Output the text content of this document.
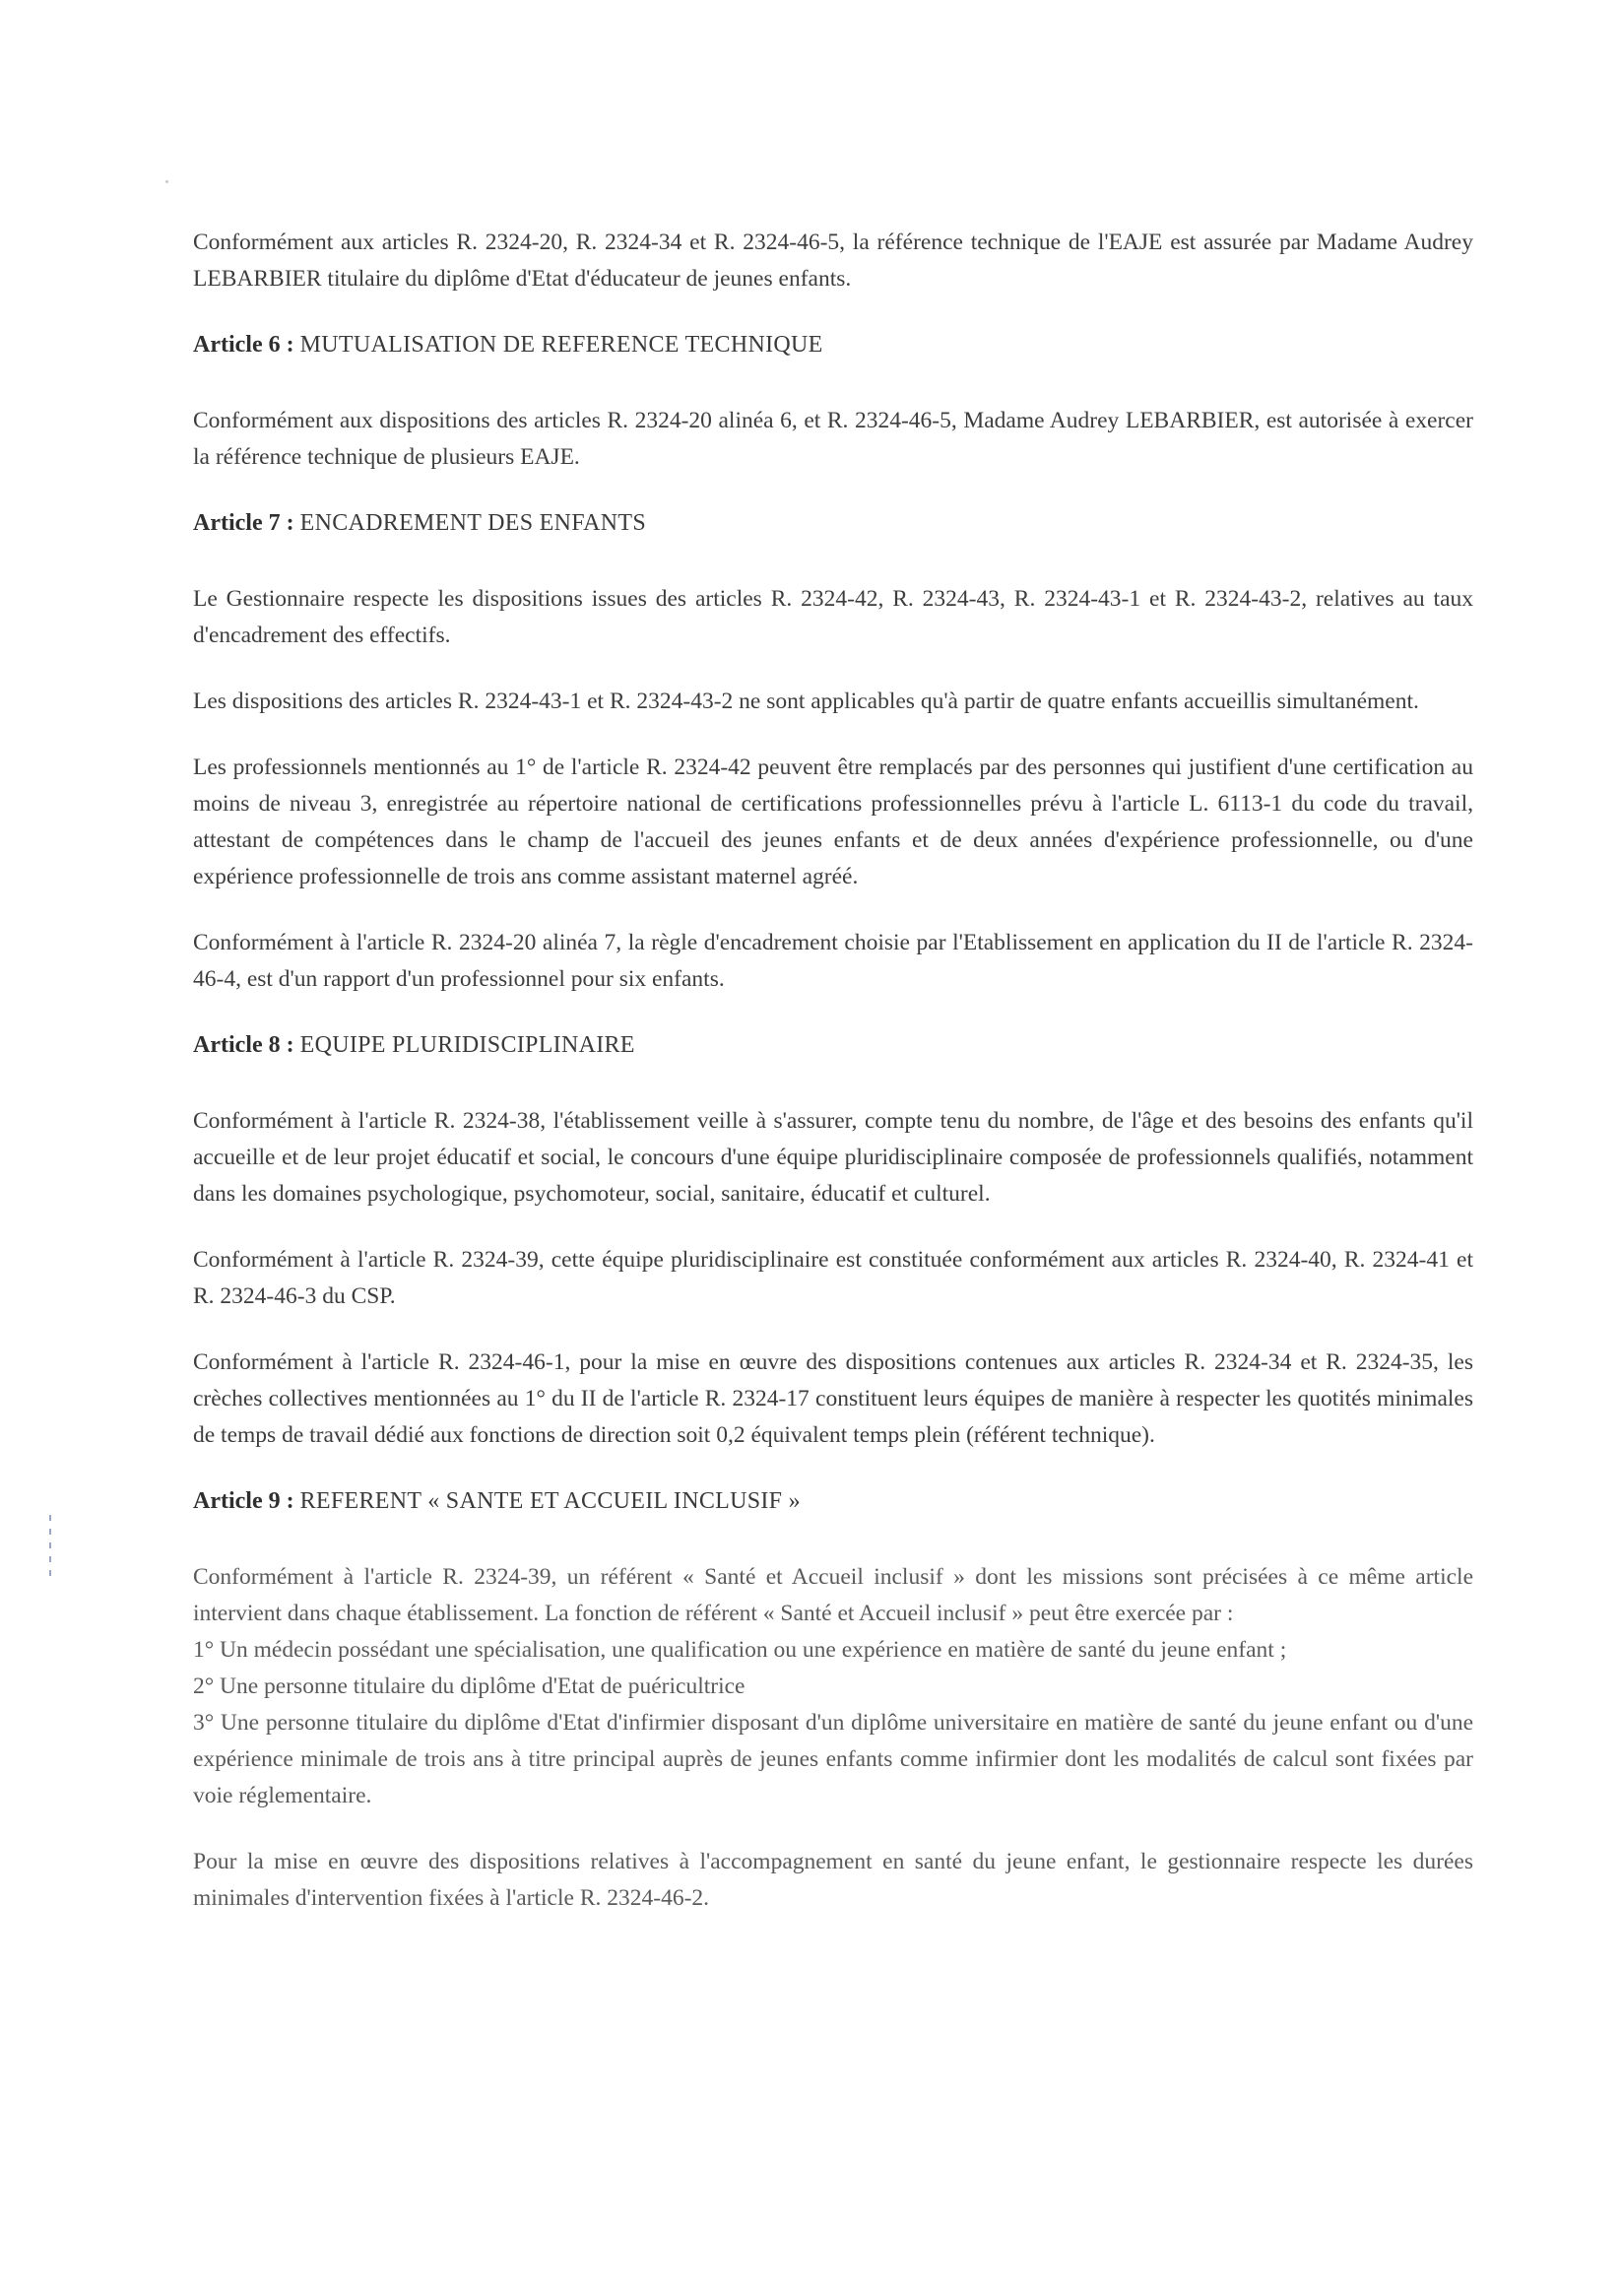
Conformément aux articles R. 2324-20, R. 2324-34 et R. 2324-46-5, la référence technique de l'EAJE est assurée par Madame Audrey LEBARBIER titulaire du diplôme d'Etat d'éducateur de jeunes enfants.

Article 6 : MUTUALISATION DE REFERENCE TECHNIQUE

Conformément aux dispositions des articles R. 2324-20 alinéa 6, et R. 2324-46-5, Madame Audrey LEBARBIER, est autorisée à exercer la référence technique de plusieurs EAJE.

Article 7 : ENCADREMENT DES ENFANTS

Le Gestionnaire respecte les dispositions issues des articles R. 2324-42, R. 2324-43, R. 2324-43-1 et R. 2324-43-2, relatives au taux d'encadrement des effectifs.

Les dispositions des articles R. 2324-43-1 et R. 2324-43-2 ne sont applicables qu'à partir de quatre enfants accueillis simultanément.

Les professionnels mentionnés au 1° de l'article R. 2324-42 peuvent être remplacés par des personnes qui justifient d'une certification au moins de niveau 3, enregistrée au répertoire national de certifications professionnelles prévu à l'article L. 6113-1 du code du travail, attestant de compétences dans le champ de l'accueil des jeunes enfants et de deux années d'expérience professionnelle, ou d'une expérience professionnelle de trois ans comme assistant maternel agréé.

Conformément à l'article R. 2324-20 alinéa 7, la règle d'encadrement choisie par l'Etablissement en application du II de l'article R. 2324-46-4, est d'un rapport d'un professionnel pour six enfants.

Article 8 : EQUIPE PLURIDISCIPLINAIRE

Conformément à l'article R. 2324-38, l'établissement veille à s'assurer, compte tenu du nombre, de l'âge et des besoins des enfants qu'il accueille et de leur projet éducatif et social, le concours d'une équipe pluridisciplinaire composée de professionnels qualifiés, notamment dans les domaines psychologique, psychomoteur, social, sanitaire, éducatif et culturel.

Conformément à l'article R. 2324-39, cette équipe pluridisciplinaire est constituée conformément aux articles R. 2324-40, R. 2324-41 et R. 2324-46-3 du CSP.

Conformément à l'article R. 2324-46-1, pour la mise en œuvre des dispositions contenues aux articles R. 2324-34 et R. 2324-35, les crèches collectives mentionnées au 1° du II de l'article R. 2324-17 constituent leurs équipes de manière à respecter les quotités minimales de temps de travail dédié aux fonctions de direction soit 0,2 équivalent temps plein (référent technique).

Article 9 : REFERENT « SANTE ET ACCUEIL INCLUSIF »

Conformément à l'article R. 2324-39, un référent « Santé et Accueil inclusif » dont les missions sont précisées à ce même article intervient dans chaque établissement. La fonction de référent « Santé et Accueil inclusif » peut être exercée par :

1° Un médecin possédant une spécialisation, une qualification ou une expérience en matière de santé du jeune enfant ;

2° Une personne titulaire du diplôme d'Etat de puéricultrice

3° Une personne titulaire du diplôme d'Etat d'infirmier disposant d'un diplôme universitaire en matière de santé du jeune enfant ou d'une expérience minimale de trois ans à titre principal auprès de jeunes enfants comme infirmier dont les modalités de calcul sont fixées par voie réglementaire.

Pour la mise en œuvre des dispositions relatives à l'accompagnement en santé du jeune enfant, le gestionnaire respecte les durées minimales d'intervention fixées à l'article R. 2324-46-2.
